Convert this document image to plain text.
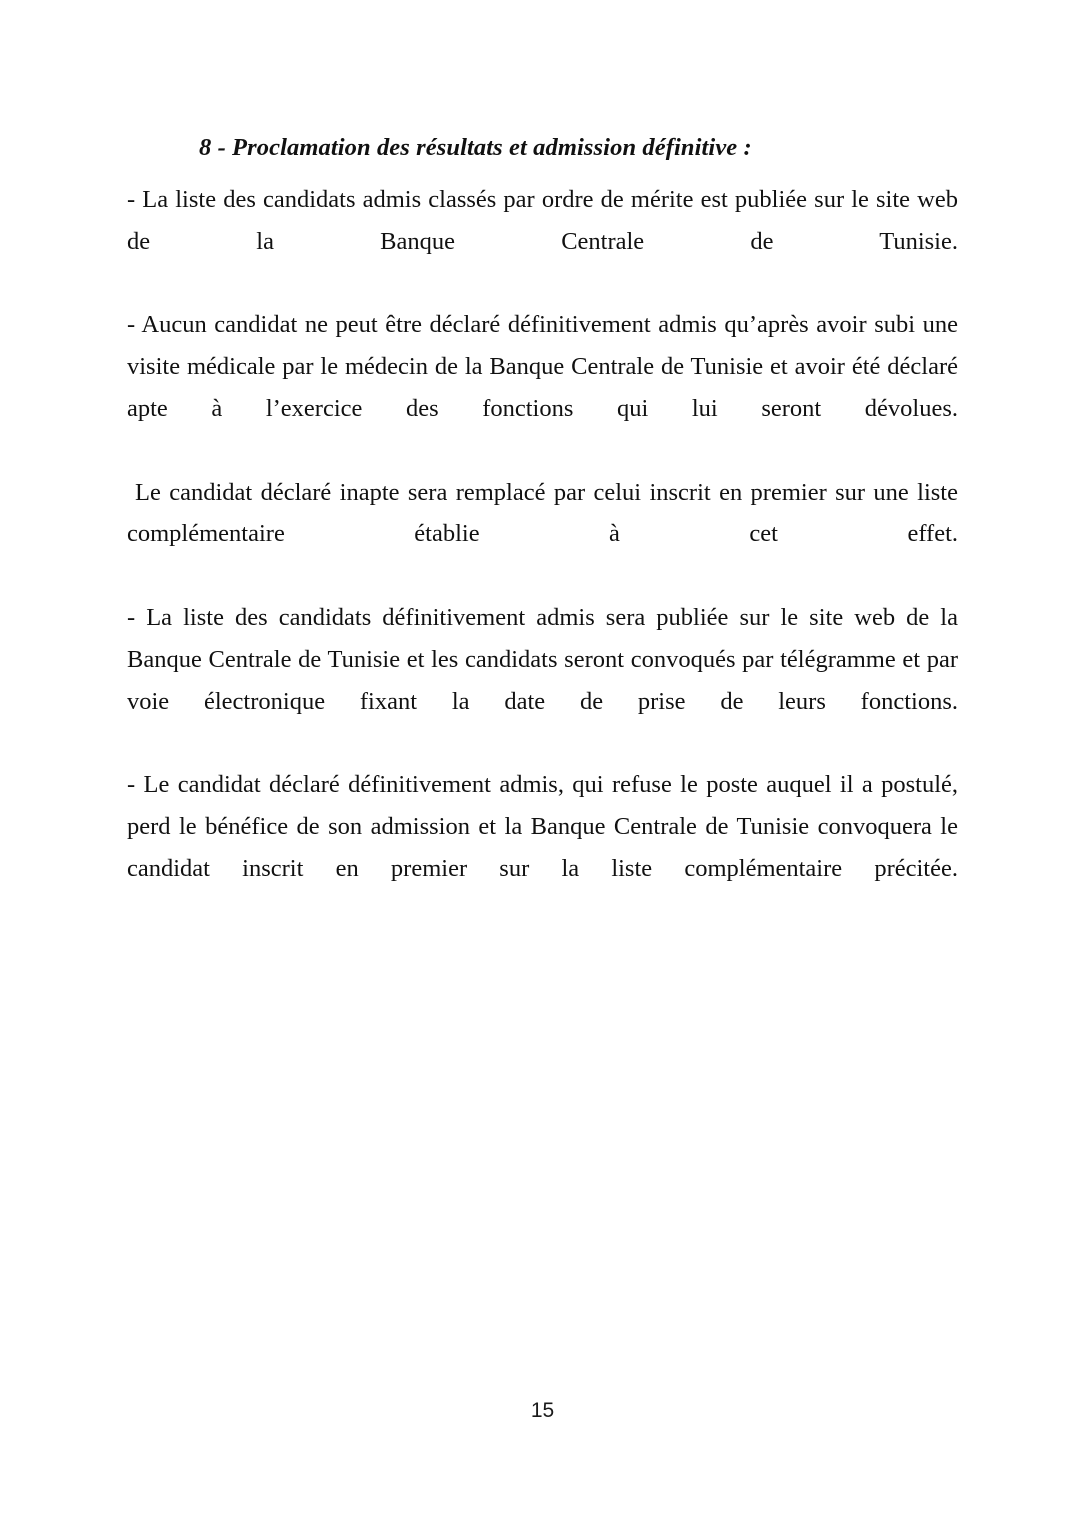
8 - Proclamation des résultats et admission définitive :

- La liste des candidats admis classés par ordre de mérite est publiée sur le site web de la Banque Centrale de Tunisie.

- Aucun candidat ne peut être déclaré définitivement admis qu’après avoir subi une visite médicale par le médecin de la Banque Centrale de Tunisie et avoir été déclaré apte à l’exercice des fonctions qui lui seront dévolues.

Le candidat déclaré inapte sera remplacé par celui inscrit en premier sur une liste complémentaire établie à cet effet.

- La liste des candidats définitivement admis sera publiée sur le site web de la Banque Centrale de Tunisie et les candidats seront convoqués par télégramme et par voie électronique fixant la date de prise de leurs fonctions.

- Le candidat déclaré définitivement admis, qui refuse le poste auquel il a postulé, perd le bénéfice de son admission et la Banque Centrale de Tunisie convoquera le candidat inscrit en premier sur la liste complémentaire précitée.

15
